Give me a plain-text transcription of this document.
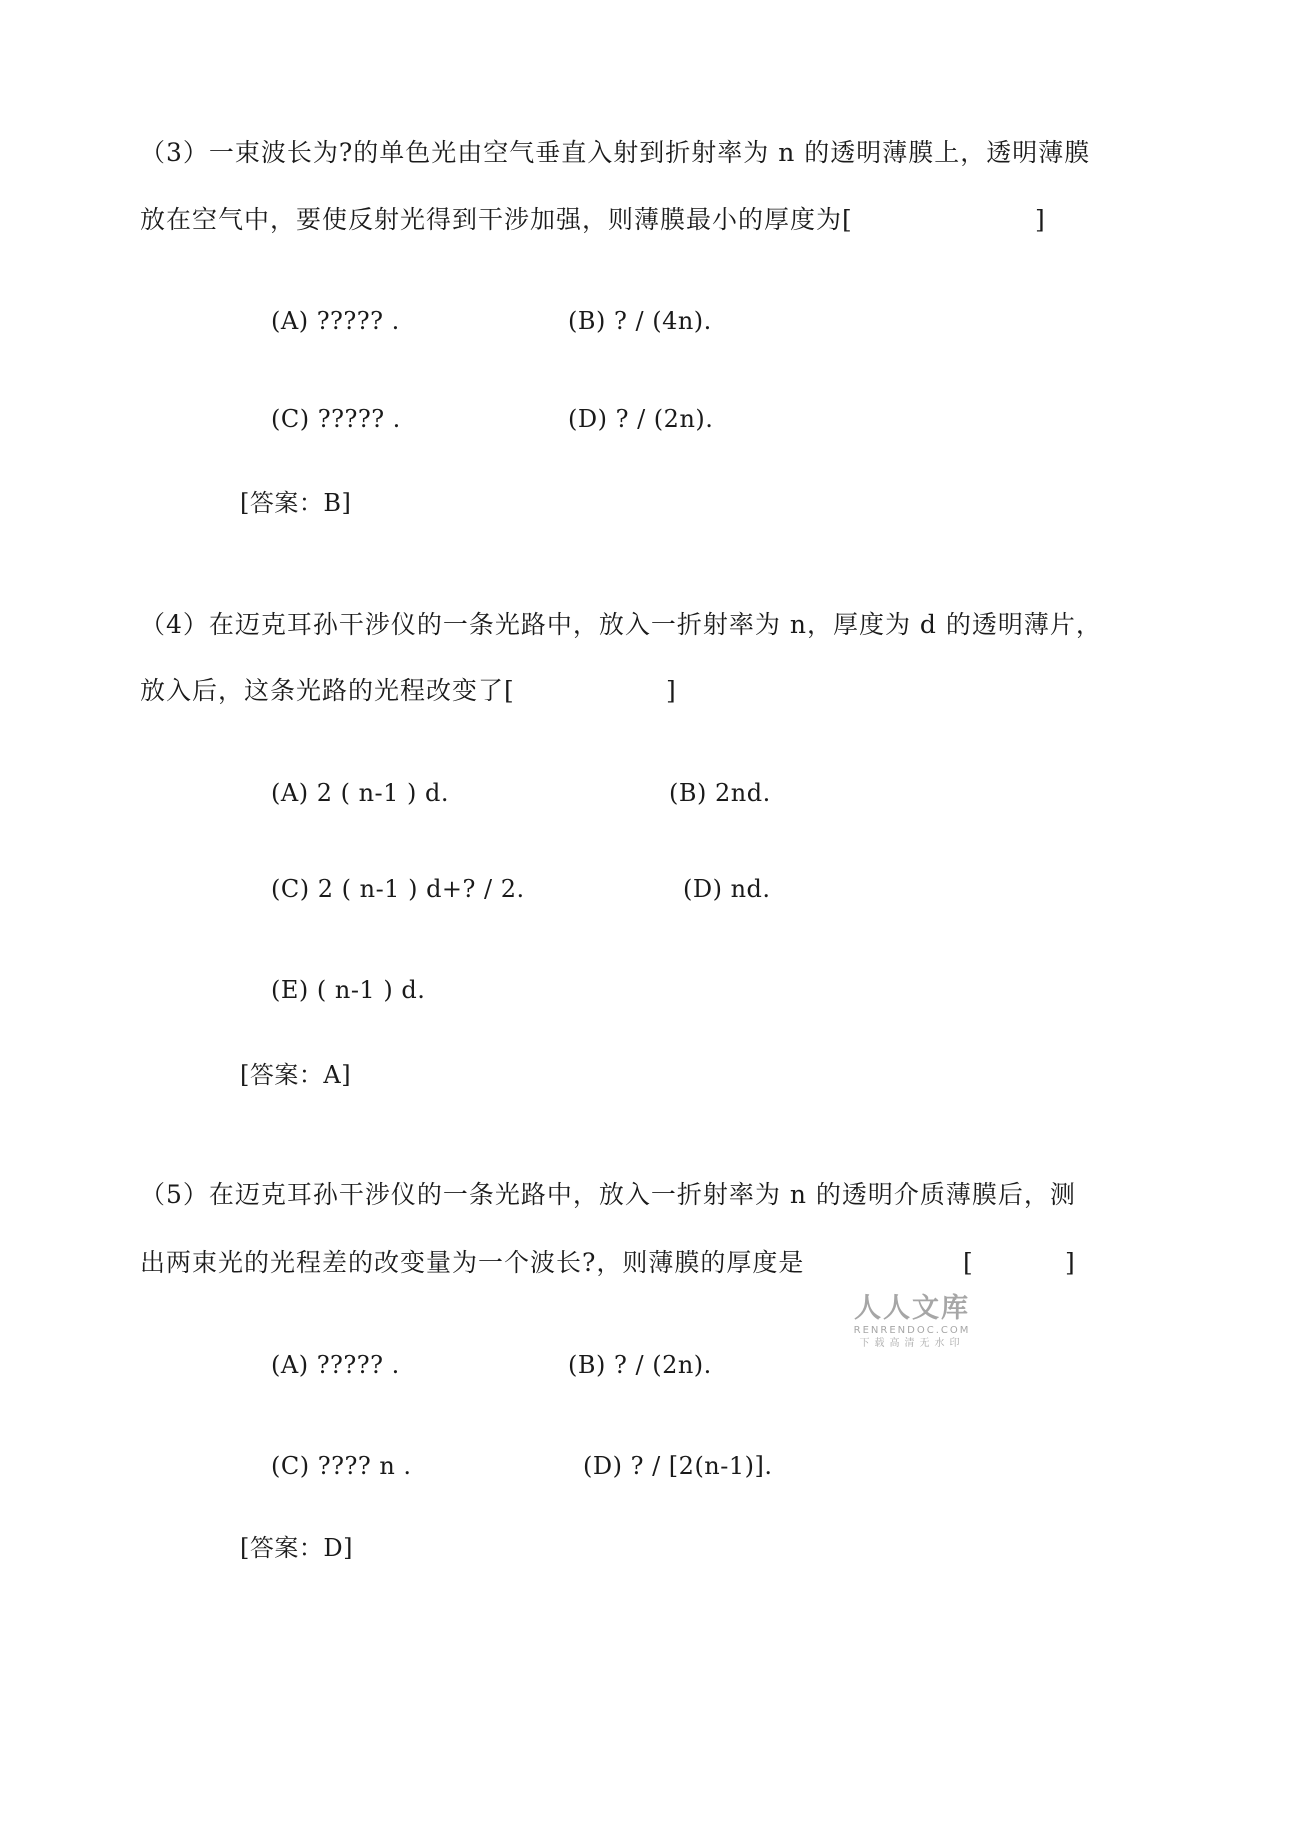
（3）一束波长为?的单色光由空气垂直入射到折射率为 n 的透明薄膜上，透明薄膜
放在空气中，要使反射光得到干涉加强，则薄膜最小的厚度为[	]
(A) ????? .	(B) ? / (4n).
(C) ????? .	(D) ? / (2n).
[答案：B]
（4）在迈克耳孙干涉仪的一条光路中，放入一折射率为 n，厚度为 d 的透明薄片，
放入后，这条光路的光程改变了[	]
(A) 2 ( n-1 ) d.	(B) 2nd.
(C) 2 ( n-1 ) d+? / 2.	(D) nd.
(E) ( n-1 ) d.
[答案：A]
（5）在迈克耳孙干涉仪的一条光路中，放入一折射率为 n 的透明介质薄膜后，测
出两束光的光程差的改变量为一个波长?，则薄膜的厚度是	[	]
(A) ????? .	(B) ? / (2n).
(C) ???? n .	(D) ? / [2(n-1)].
[答案：D]
人人文库
RENRENDOC.COM
下载高清无水印
